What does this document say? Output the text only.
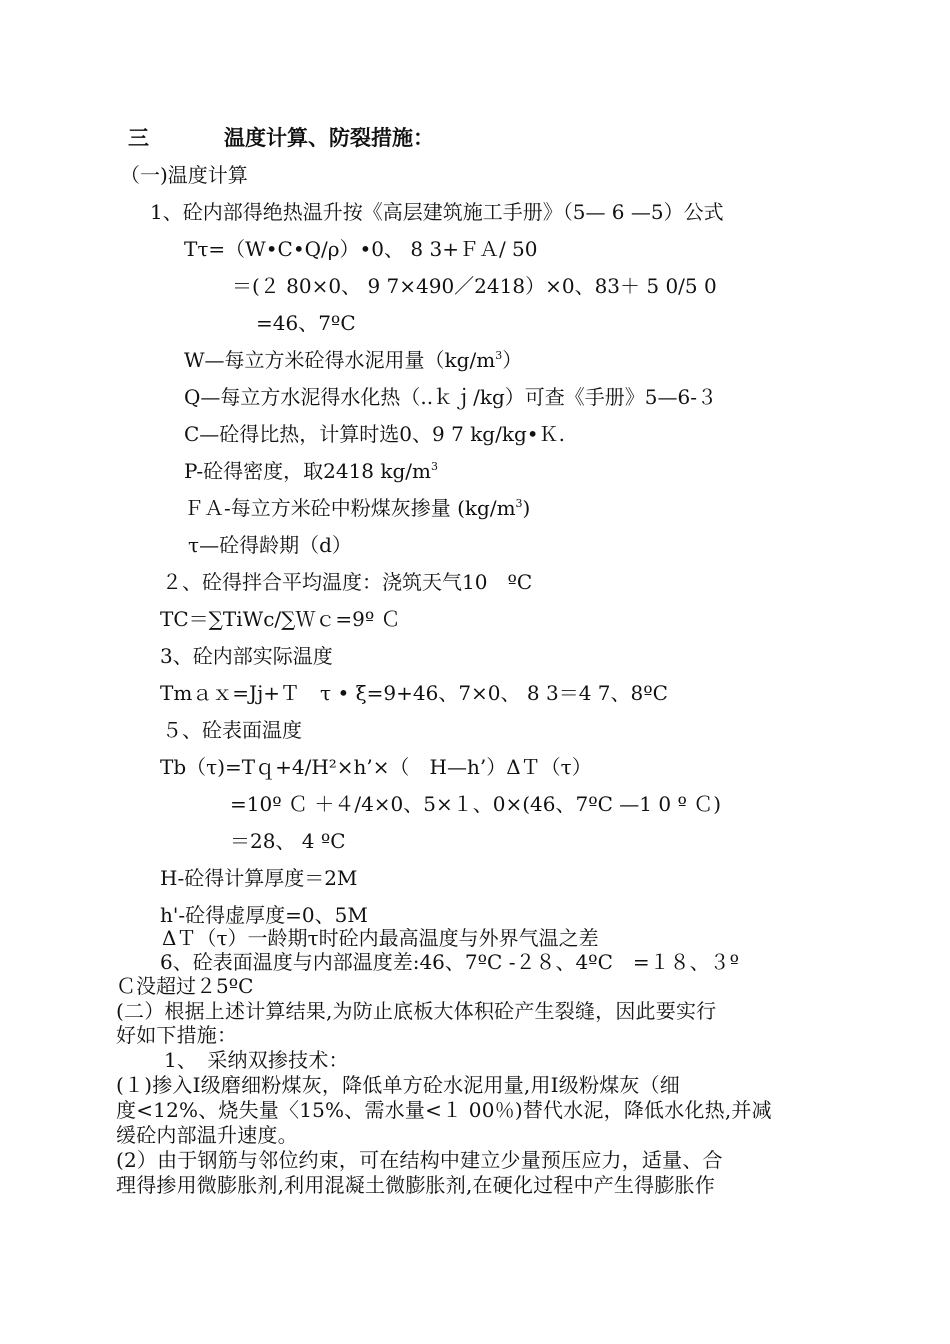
三	温度计算、防裂措施：
（一)温度计算
1、砼内部得绝热温升按《高层建筑施工手册》（5— 6 —5）公式
Tτ=（W•C•Q/ρ）•0、 8 3+ＦＡ/ 50
＝(２ 80×0、 9 7×490／2418）×0、83＋ 5 0/5 0
=46、7ºC
W—每立方米砼得水泥用量$(kg/m^3)$
Q—每立方水泥得水化热（..ｋｊ/kg）可查《手册》5—6-３
C—砼得比热，计算时选0、9 7 kg/kg•Ｋ.
P-砼得密度，取2418 $kg/m^3$
ＦＡ-每立方米砼中粉煤灰掺量 $(kg/m^3)$
τ—砼得龄期（d）
２、砼得拌合平均温度：浇筑天气10　ºC
TC＝∑TiWc/∑Ｗｃ=9º Ｃ
3、砼内部实际温度
Tmａｘ=Jj+Ｔ　τ • ξ=9+46、7×0、 8 3＝4 7、8ºC
５、砼表面温度
Tb（τ)=Tｑ+4/H²×h’×（　H—h’）ΔＴ（τ）
=10º Ｃ ＋４/4×0、5×１、0×(46、7ºC —1 0 º Ｃ)
＝28、 4 ºC
H-砼得计算厚度＝2M
h'-砼得虚厚度=0、5M
ΔＴ（τ）一龄期τ时砼内最高温度与外界气温之差
6、砼表面温度与内部温度差:46、7ºC -２８、4ºC　=１８、３º
Ｃ没超过２5ºC
(二）根据上述计算结果,为防止底板大体积砼产生裂缝，因此要实行
好如下措施：
1、　采纳双掺技术：
(１)掺入Ⅰ级磨细粉煤灰，降低单方砼水泥用量,用Ⅰ级粉煤灰（细
度<12%、烧失量〈15%、需水量<１ 00％)替代水泥，降低水化热,并减
缓砼内部温升速度。
(2）由于钢筋与邻位约束，可在结构中建立少量预压应力，适量、合
理得掺用微膨胀剂,利用混凝土微膨胀剂,在硬化过程中产生得膨胀作
